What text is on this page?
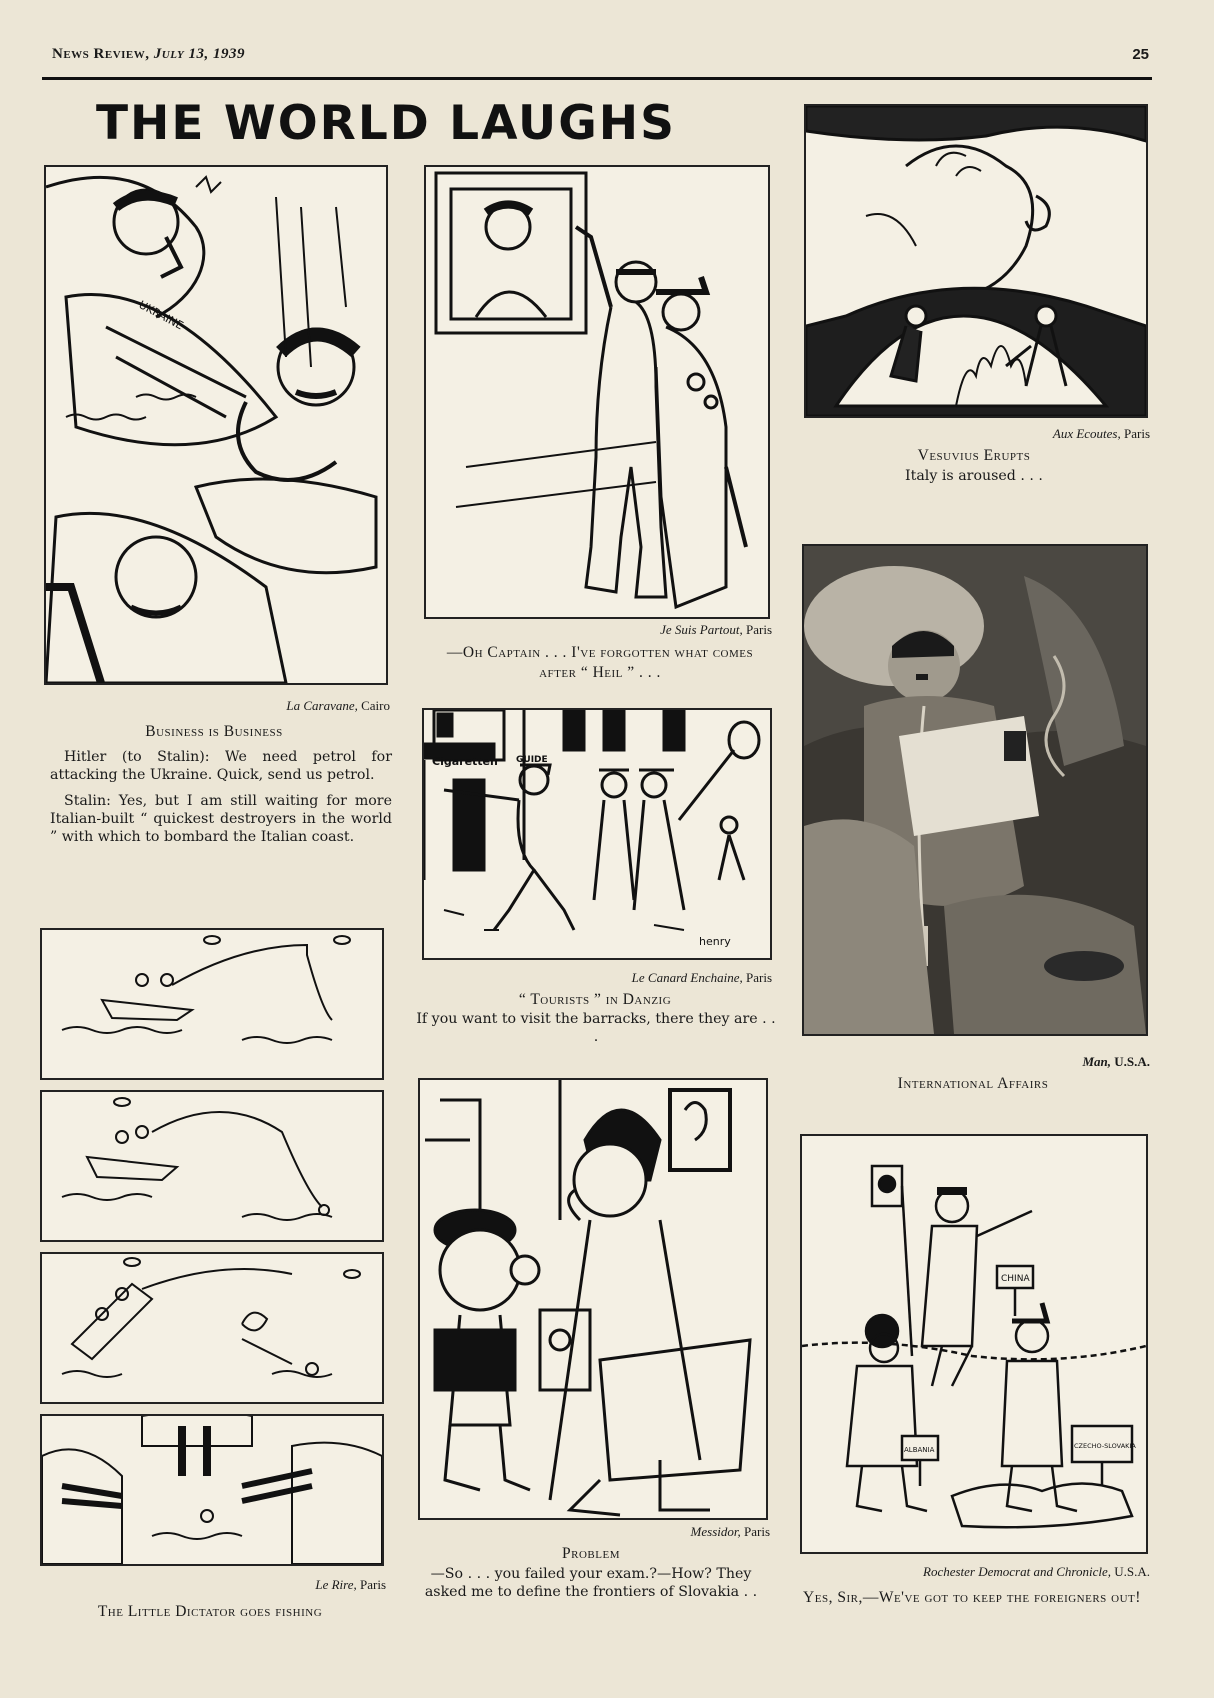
News Review, July 13, 1939	25
THE WORLD LAUGHS
UKRAINE
La Caravane, Cairo
Business is Business

Hitler (to Stalin): We need petrol for attacking the Ukraine. Quick, send us petrol.

Stalin: Yes, but I am still waiting for more Italian-built “ quickest destroyers in the world ” with which to bombard the Italian coast.

Je Suis Partout, Paris
—Oh Captain . . . I've forgotten what comes after “ Heil ” . . .
Aux Ecoutes, Paris
Vesuvius Erupts
Italy is aroused . . .
Cigaretten GUIDE
henry
Le Canard Enchaine, Paris
“ Tourists ” in Danzig
If you want to visit the barracks, there they are . . .
Man, U.S.A.
International Affairs
Le Rire, Paris
The Little Dictator goes fishing
Messidor, Paris
Problem
—So . . . you failed your exam.?—How? They asked me to define the frontiers of Slovakia . .
CHINA
ALBANIA	CZECHO-SLOVAKIA
Rochester Democrat and Chronicle, U.S.A.
Yes, Sir,—We've got to keep the foreigners out!
